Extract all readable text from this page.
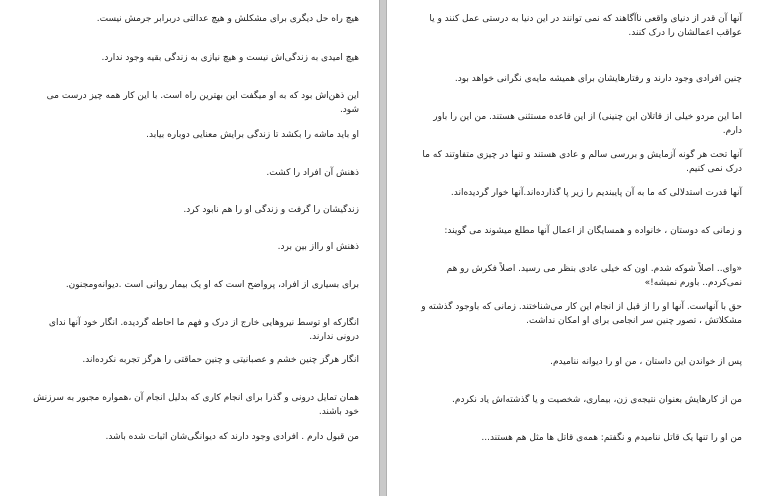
هیچ راه حل دیگری برای مشکلش و هیچ عدالتی دربرابر جرمش نیست.

هیچ امیدی به زندگی‌اش نیست و هیچ نیازی به زندگی بقیه وجود ندارد.

این ذهن‌اش بود که به او میگفت این بهترین راه است. با این کار همه چیز درست می شود.

او باید ماشه را بکشد تا زندگی برایش معنایی دوباره بیابد.

ذهنش آن افراد را کشت.

زندگیشان را گرفت و زندگی او را هم نابود کرد.

ذهنش او رااز بین برد.

برای بسیاری از افراد، پرواضح است که او یک بیمار روانی است .دیوانه‌ومجنون.

انگارکه او توسط نیروهایی خارج از درک و فهم ما احاطه گردیده. انگار خود آنها ندای درونی ندارند.

انگار هرگز چنین خشم و عصبانیتی و چنین حماقتی را هرگز تجربه نکرده‌اند.

همان تمایل درونی و گذرا برای انجام کاری که بدلیل انجام آن ،همواره مجبور به سرزنش خود باشند.

من قبول دارم . افرادی وجود دارند که دیوانگی‌شان اثبات شده باشد.

آنها آن قدر از دنیای واقعی ناآگاهند که نمی توانند در این دنیا به درستی عمل کنند و یا عواقب اعمالشان را درک کنند.

چنین افرادی وجود دارند و رفتارهایشان برای همیشه مایه‌ی نگرانی خواهد بود.

اما این مردو خیلی از قاتلان این چنینی) از این قاعده مستثنی هستند. من این را باور دارم.

آنها تحت هر گونه آزمایش و بررسی سالم و عادی هستند و تنها در چیزی متفاوتند که ما درک نمی کنیم.

آنها قدرت استدلالی که ما به آن پایبندیم را زیر پا گذارده‌اند.آنها خوار گردیده‌اند.

و زمانی که دوستان ، خانواده و همسایگان از اعمال آنها مطلع میشوند می گویند:

«وای.. اصلاً شوکه شدم. اون که خیلی عادی بنظر می رسید. اصلاً فکرش رو هم نمی‌کردم.. باورم نمیشه!»

حق با آنهاست. آنها او را از قبل از انجام این کار می‌شناختند. زمانی که باوجود گذشته و مشکلاتش ، تصور چنین سر انجامی برای او امکان نداشت.

پس از خواندن این داستان ، من او را دیوانه ننامیدم.

من از کارهایش بعنوان نتیجه‌ی زن، بیماری، شخصیت و یا گذشته‌اش یاد نکردم.

من او را تنها یک قاتل ننامیدم و نگفتم: همه‌ی قاتل ها مثل هم هستند...
